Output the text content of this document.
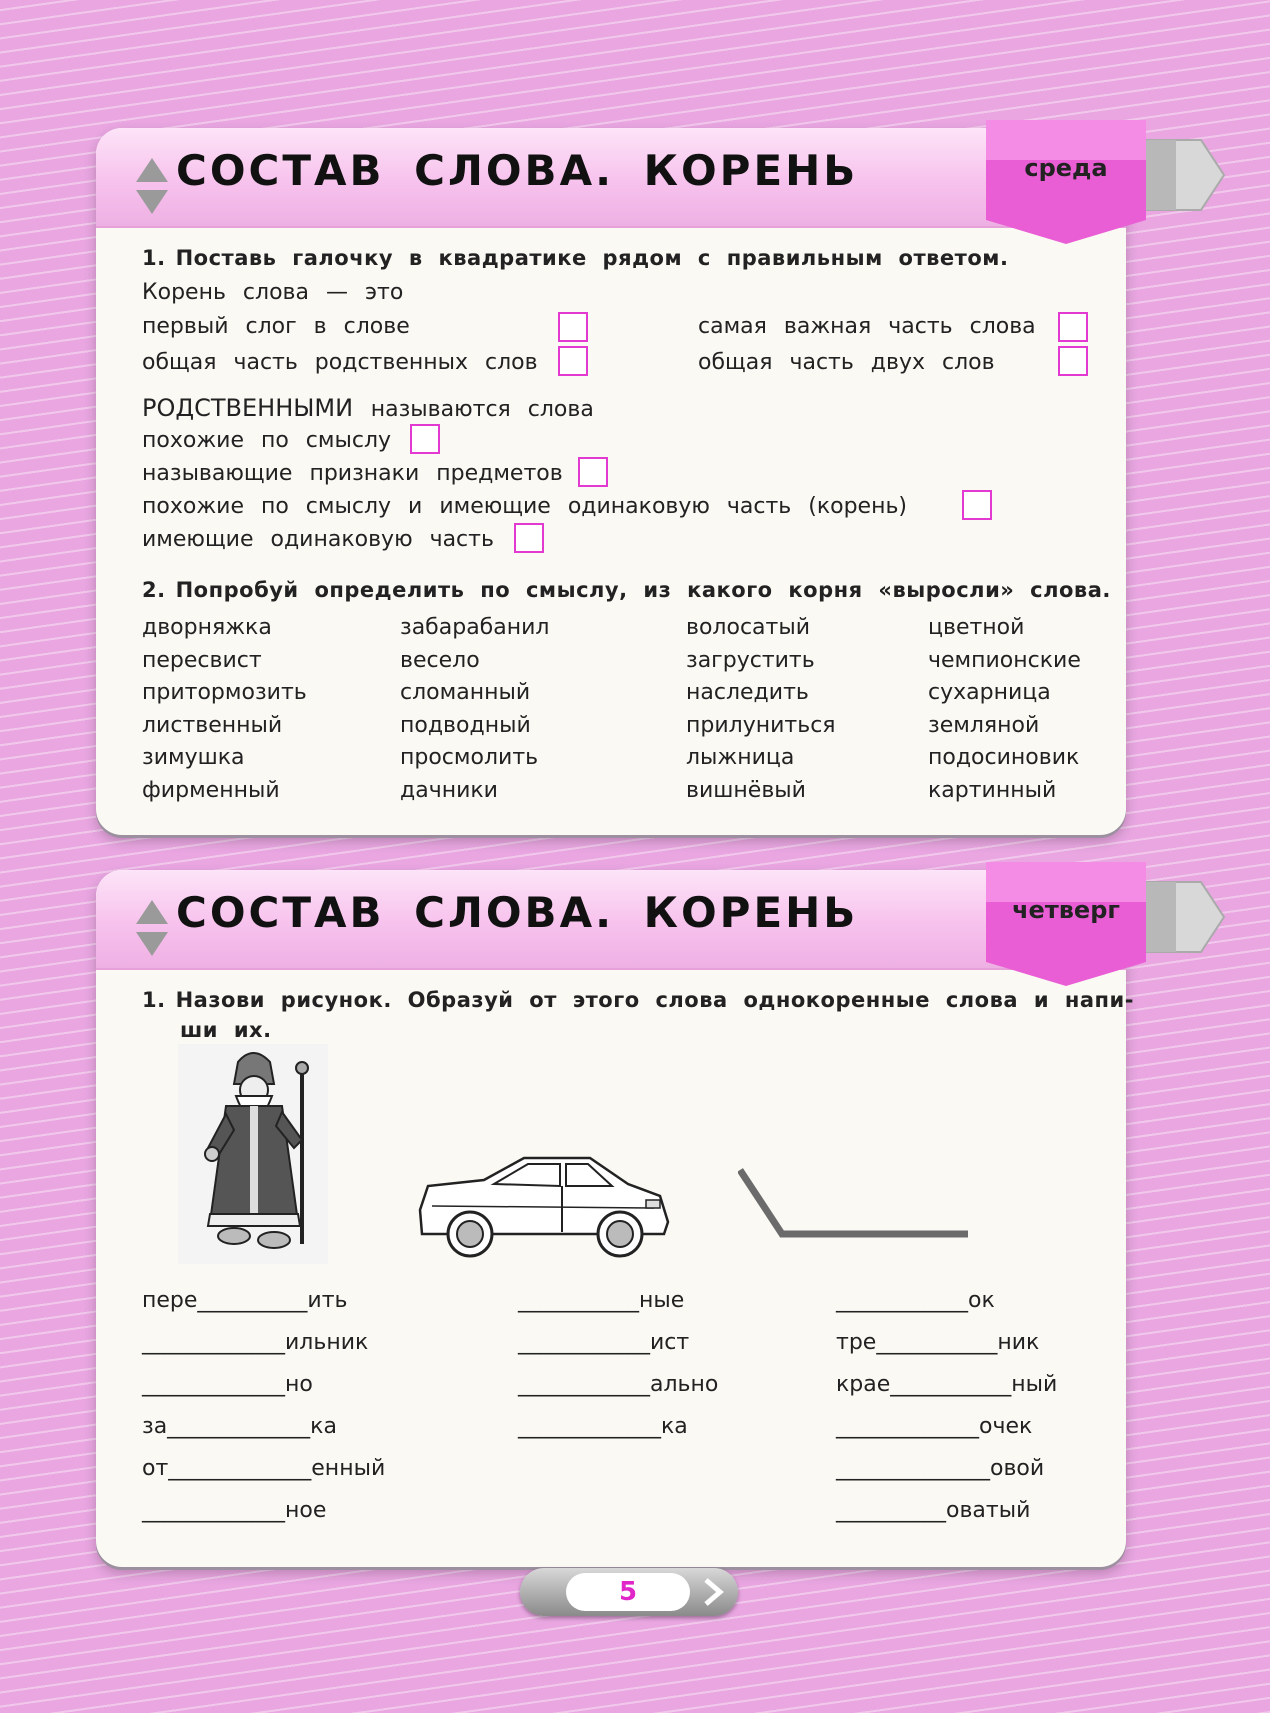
СОСТАВ СЛОВА. КОРЕНЬ	среда
1. Поставь галочку в квадратике рядом с правильным ответом.
Корень слова — это
первый слог в слове
общая часть родственных слов
самая важная часть слова
общая часть двух слов
РОДСТВЕННЫМИ называются слова
похожие по смыслу
называющие признаки предметов
похожие по смыслу и имеющие одинаковую часть (корень)
имеющие одинаковую часть
2. Попробуй определить по смыслу, из какого корня «выросли» слова.
дворняжка
пересвист
притормозить
лиственный
зимушка
фирменный
забарабанил
весело
сломанный
подводный
просмолить
дачники
волосатый
загрустить
наследить
прилуниться
лыжница
вишнёвый
цветной
чемпионские
сухарница
земляной
подосиновик
картинный
СОСТАВ СЛОВА. КОРЕНЬ	четверг
1. Назови рисунок. Образуй от этого слова однокоренные слова и напи-
ши их.
пере__________ить
_____________ильник
_____________но
за_____________ка
от_____________енный
_____________ное
___________ные
____________ист
____________ально
_____________ка
____________ок
тре___________ник
крае___________ный
_____________очек
______________овой
__________оватый
5
